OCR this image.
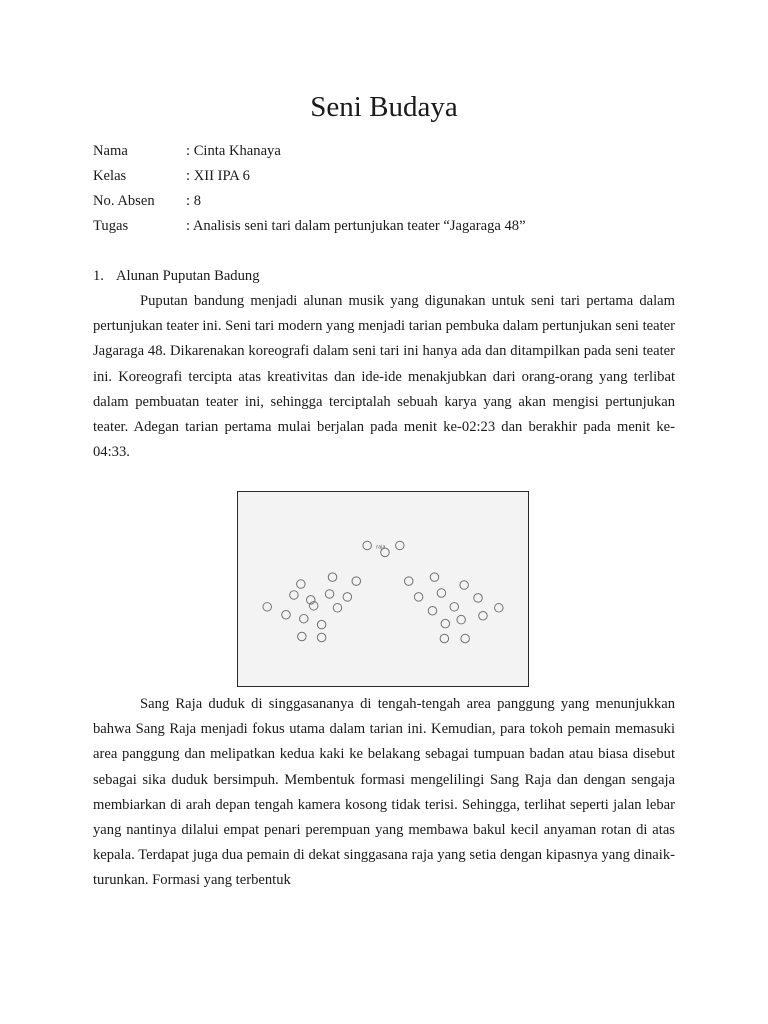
Seni Budaya
Nama	: Cinta Khanaya
Kelas	: XII IPA 6
No. Absen : 8
Tugas	: Analisis seni tari dalam pertunjukan teater “Jagaraga 48”
1. Alunan Puputan Badung

Puputan bandung menjadi alunan musik yang digunakan untuk seni tari pertama dalam pertunjukan teater ini. Seni tari modern yang menjadi tarian pembuka dalam pertunjukan seni teater Jagaraga 48. Dikarenakan koreografi dalam seni tari ini hanya ada dan ditampilkan pada seni teater ini. Koreografi tercipta atas kreativitas dan ide-ide menakjubkan dari orang-orang yang terlibat dalam pembuatan teater ini, sehingga terciptalah sebuah karya yang akan mengisi pertunjukan teater. Adegan tarian pertama mulai berjalan pada menit ke-02:23 dan berakhir pada menit ke-04:33.

raja

Sang Raja duduk di singgasananya di tengah-tengah area panggung yang menunjukkan bahwa Sang Raja menjadi fokus utama dalam tarian ini. Kemudian, para tokoh pemain memasuki area panggung dan melipatkan kedua kaki ke belakang sebagai tumpuan badan atau biasa disebut sebagai sika duduk bersimpuh. Membentuk formasi mengelilingi Sang Raja dan dengan sengaja membiarkan di arah depan tengah kamera kosong tidak terisi. Sehingga, terlihat seperti jalan lebar yang nantinya dilalui empat penari perempuan yang membawa bakul kecil anyaman rotan di atas kepala. Terdapat juga dua pemain di dekat singgasana raja yang setia dengan kipasnya yang dinaik-turunkan. Formasi yang terbentuk
